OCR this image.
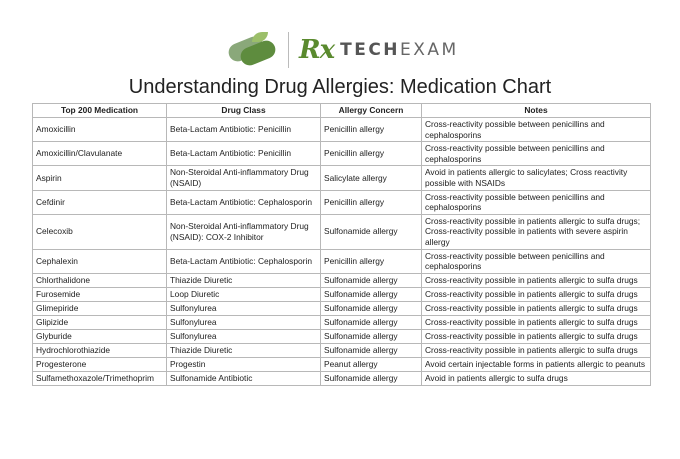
Rx TECHEXAM
Understanding Drug Allergies: Medication Chart
Top 200 Medication	Drug Class	Allergy Concern	Notes
Amoxicillin	Beta-Lactam Antibiotic: Penicillin	Penicillin allergy	Cross-reactivity possible between penicillins and cephalosporins
Amoxicillin/Clavulanate	Beta-Lactam Antibiotic: Penicillin	Penicillin allergy	Cross-reactivity possible between penicillins and cephalosporins
Aspirin	Non-Steroidal Anti-inflammatory Drug (NSAID)	Salicylate allergy	Avoid in patients allergic to salicylates; Cross reactivity possible with NSAIDs
Cefdinir	Beta-Lactam Antibiotic: Cephalosporin	Penicillin allergy	Cross-reactivity possible between penicillins and cephalosporins
Celecoxib	Non-Steroidal Anti-inflammatory Drug (NSAID): COX-2 Inhibitor	Sulfonamide allergy	Cross-reactivity possible in patients allergic to sulfa drugs; Cross-reactivity possible in patients with severe aspirin allergy
Cephalexin	Beta-Lactam Antibiotic: Cephalosporin	Penicillin allergy	Cross-reactivity possible between penicillins and cephalosporins
Chlorthalidone	Thiazide Diuretic	Sulfonamide allergy	Cross-reactivity possible in patients allergic to sulfa drugs
Furosemide	Loop Diuretic	Sulfonamide allergy	Cross-reactivity possible in patients allergic to sulfa drugs
Glimepiride	Sulfonylurea	Sulfonamide allergy	Cross-reactivity possible in patients allergic to sulfa drugs
Glipizide	Sulfonylurea	Sulfonamide allergy	Cross-reactivity possible in patients allergic to sulfa drugs
Glyburide	Sulfonylurea	Sulfonamide allergy	Cross-reactivity possible in patients allergic to sulfa drugs
Hydrochlorothiazide	Thiazide Diuretic	Sulfonamide allergy	Cross-reactivity possible in patients allergic to sulfa drugs
Progesterone	Progestin	Peanut allergy	Avoid certain injectable forms in patients allergic to peanuts
Sulfamethoxazole/Trimethoprim	Sulfonamide Antibiotic	Sulfonamide allergy	Avoid in patients allergic to sulfa drugs
